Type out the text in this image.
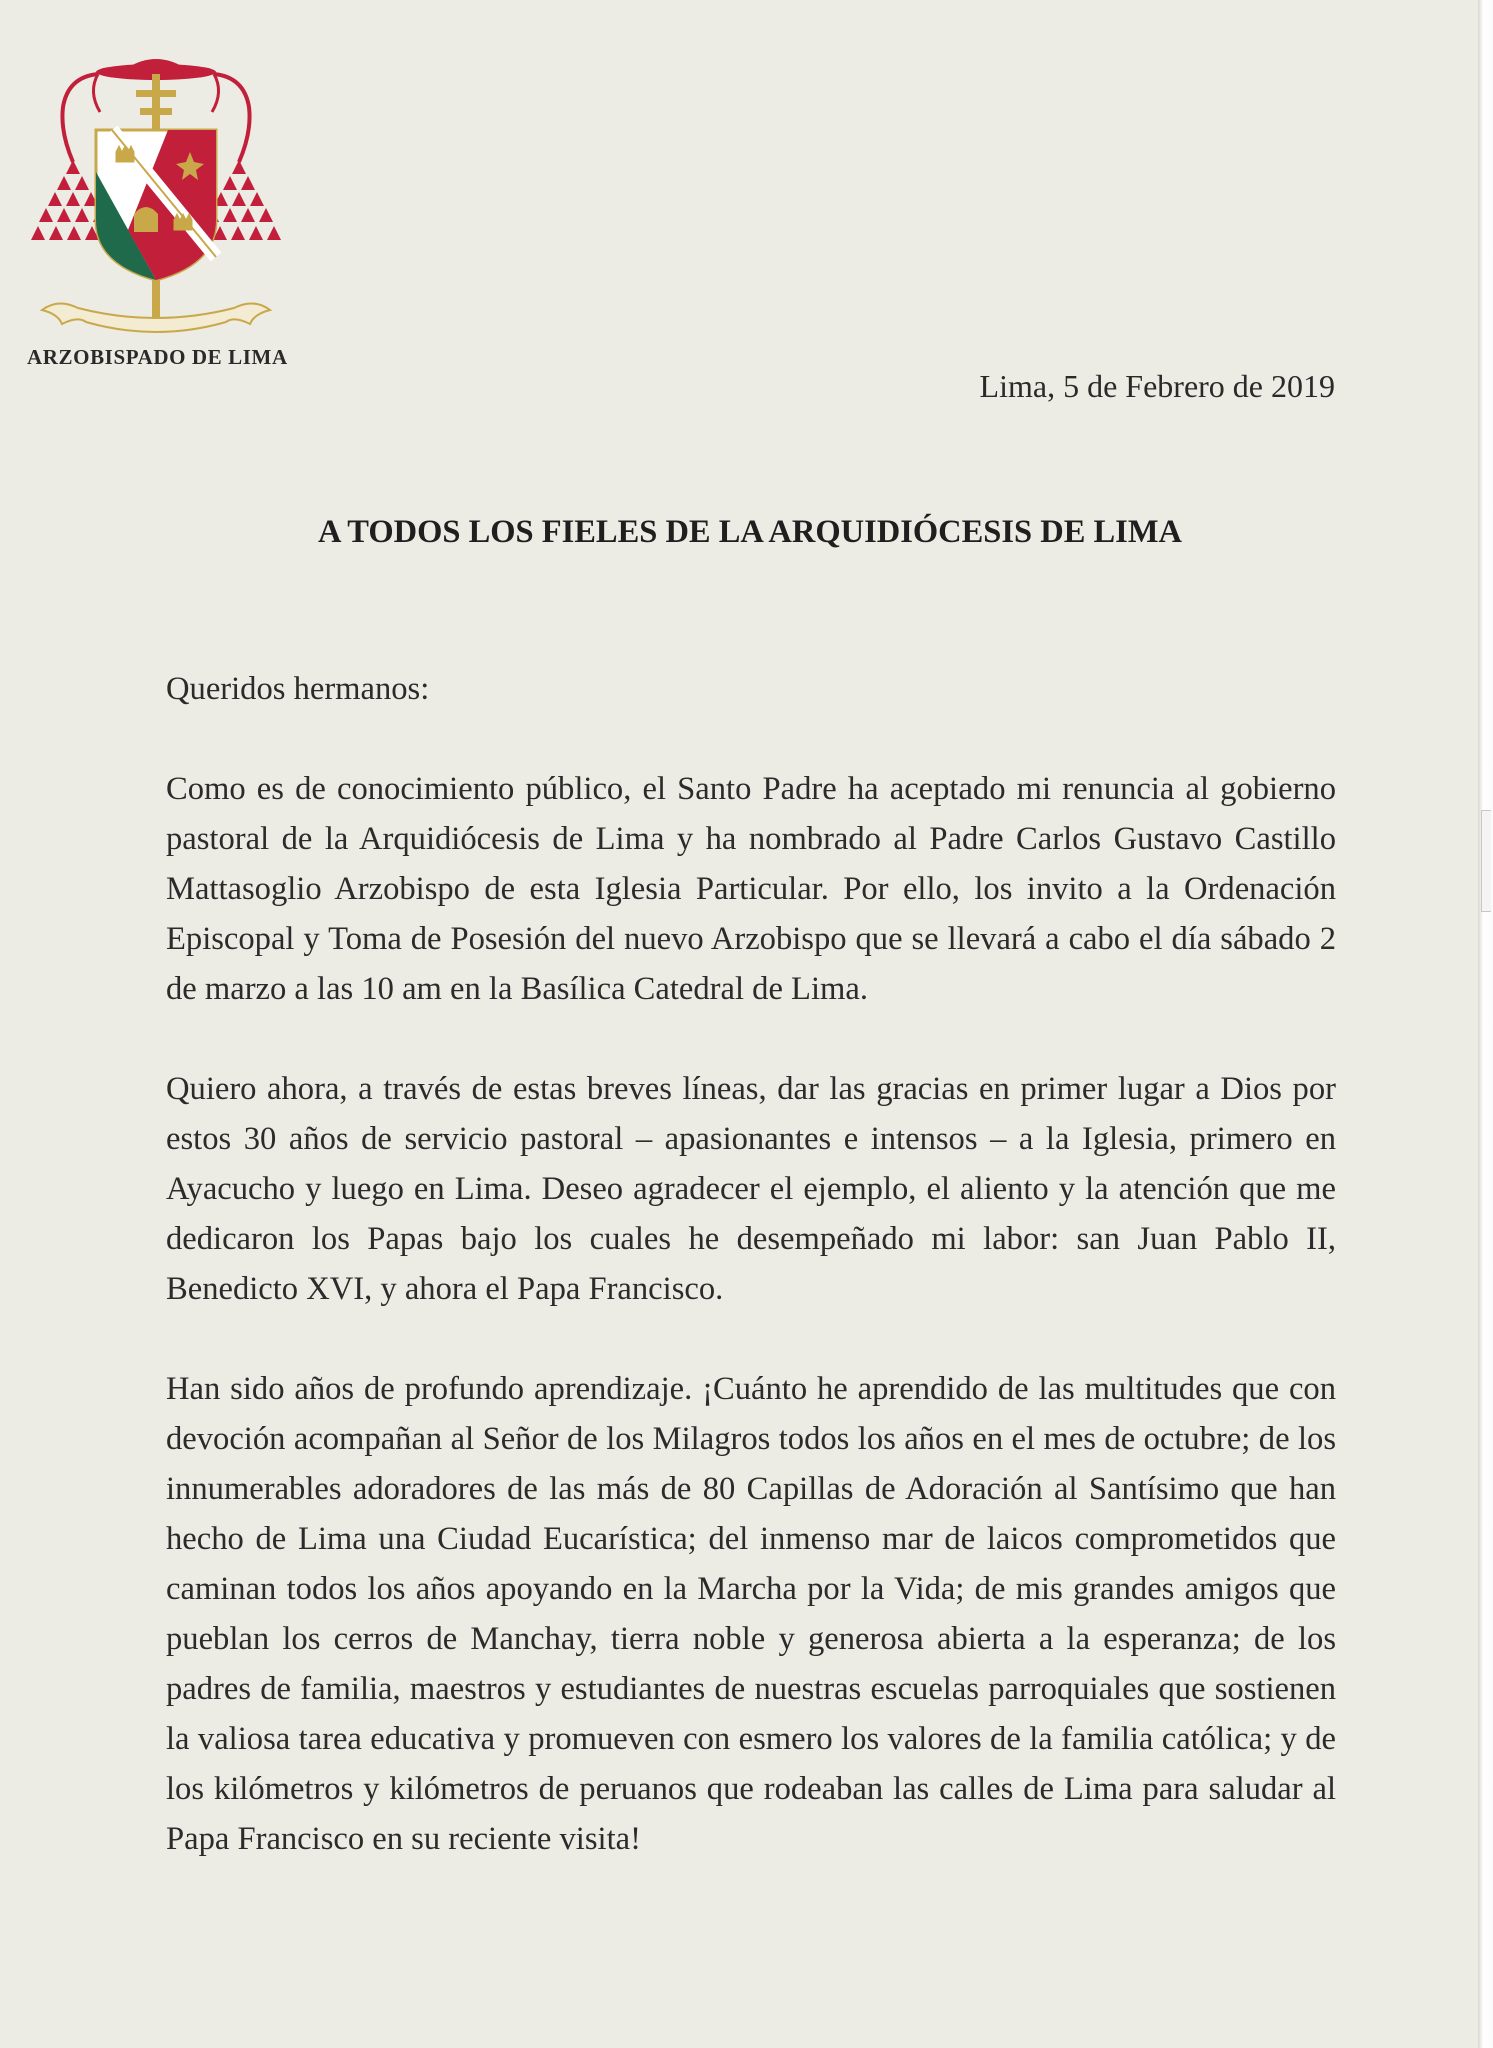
ARZOBISPADO DE LIMA
Lima, 5 de Febrero de 2019
A TODOS LOS FIELES DE LA ARQUIDIÓCESIS DE LIMA

Queridos hermanos:

Como es de conocimiento público, el Santo Padre ha aceptado mi renuncia al gobierno pastoral de la Arquidiócesis de Lima y ha nombrado al Padre Carlos Gustavo Castillo Mattasoglio Arzobispo de esta Iglesia Particular. Por ello, los invito a la Ordenación Episcopal y Toma de Posesión del nuevo Arzobispo que se llevará a cabo el día sábado 2 de marzo a las 10 am en la Basílica Catedral de Lima.

Quiero ahora, a través de estas breves líneas, dar las gracias en primer lugar a Dios por estos 30 años de servicio pastoral – apasionantes e intensos – a la Iglesia, primero en Ayacucho y luego en Lima. Deseo agradecer el ejemplo, el aliento y la atención que me dedicaron los Papas bajo los cuales he desempeñado mi labor: san Juan Pablo II, Benedicto XVI, y ahora el Papa Francisco.

Han sido años de profundo aprendizaje. ¡Cuánto he aprendido de las multitudes que con devoción acompañan al Señor de los Milagros todos los años en el mes de octubre; de los innumerables adoradores de las más de 80 Capillas de Adoración al Santísimo que han hecho de Lima una Ciudad Eucarística; del inmenso mar de laicos comprometidos que caminan todos los años apoyando en la Marcha por la Vida; de mis grandes amigos que pueblan los cerros de Manchay, tierra noble y generosa abierta a la esperanza; de los padres de familia, maestros y estudiantes de nuestras escuelas parroquiales que sostienen la valiosa tarea educativa y promueven con esmero los valores de la familia católica; y de los kilómetros y kilómetros de peruanos que rodeaban las calles de Lima para saludar al Papa Francisco en su reciente visita!
